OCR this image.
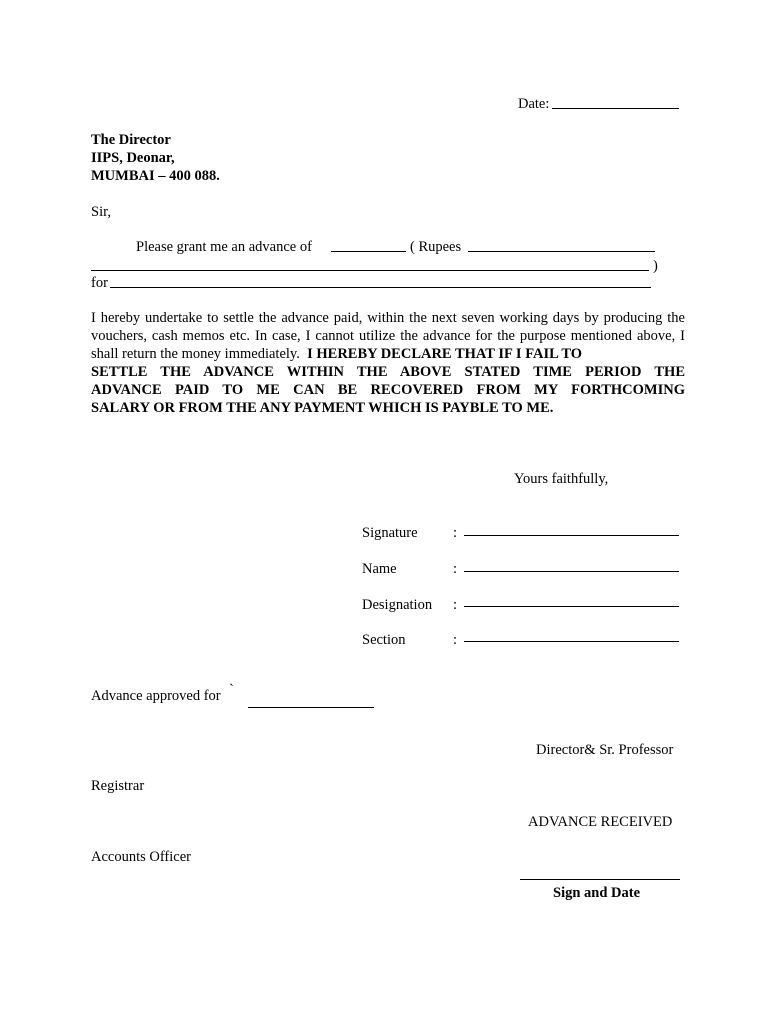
Date:
The Director
IIPS, Deonar,
MUMBAI – 400 088.
Sir,
Please grant me an advance of	( Rupees
)
for
I hereby undertake to settle the advance paid, within the next seven working days by producing the vouchers, cash memos etc. In case, I cannot utilize the advance for the purpose mentioned above, I shall return the money immediately. I HEREBY DECLARE THAT IF I FAIL TO
SETTLE THE ADVANCE WITHIN THE ABOVE STATED TIME PERIOD THE
ADVANCE PAID TO ME CAN BE RECOVERED FROM MY FORTHCOMING
SALARY OR FROM THE ANY PAYMENT WHICH IS PAYBLE TO ME.
Yours faithfully,
Signature :
Name	:
Designation :
Section	:
Advance approved for `
Director& Sr. Professor
Registrar
ADVANCE RECEIVED
Accounts Officer
Sign and Date
